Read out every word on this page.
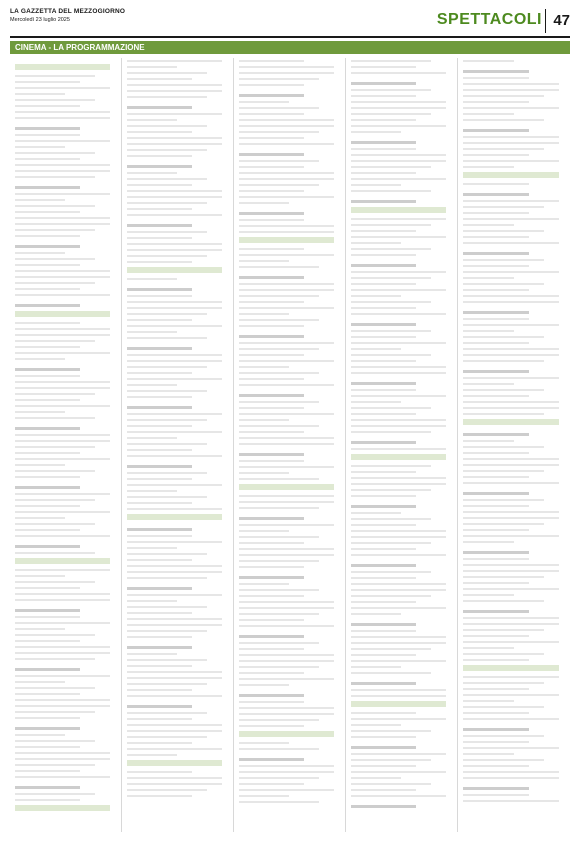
LA GAZZETTA DEL MEZZOGIORNO
Mercoledì 23 luglio 2025	SPETTACOLI 47
CINEMA - LA PROGRAMMAZIONE
